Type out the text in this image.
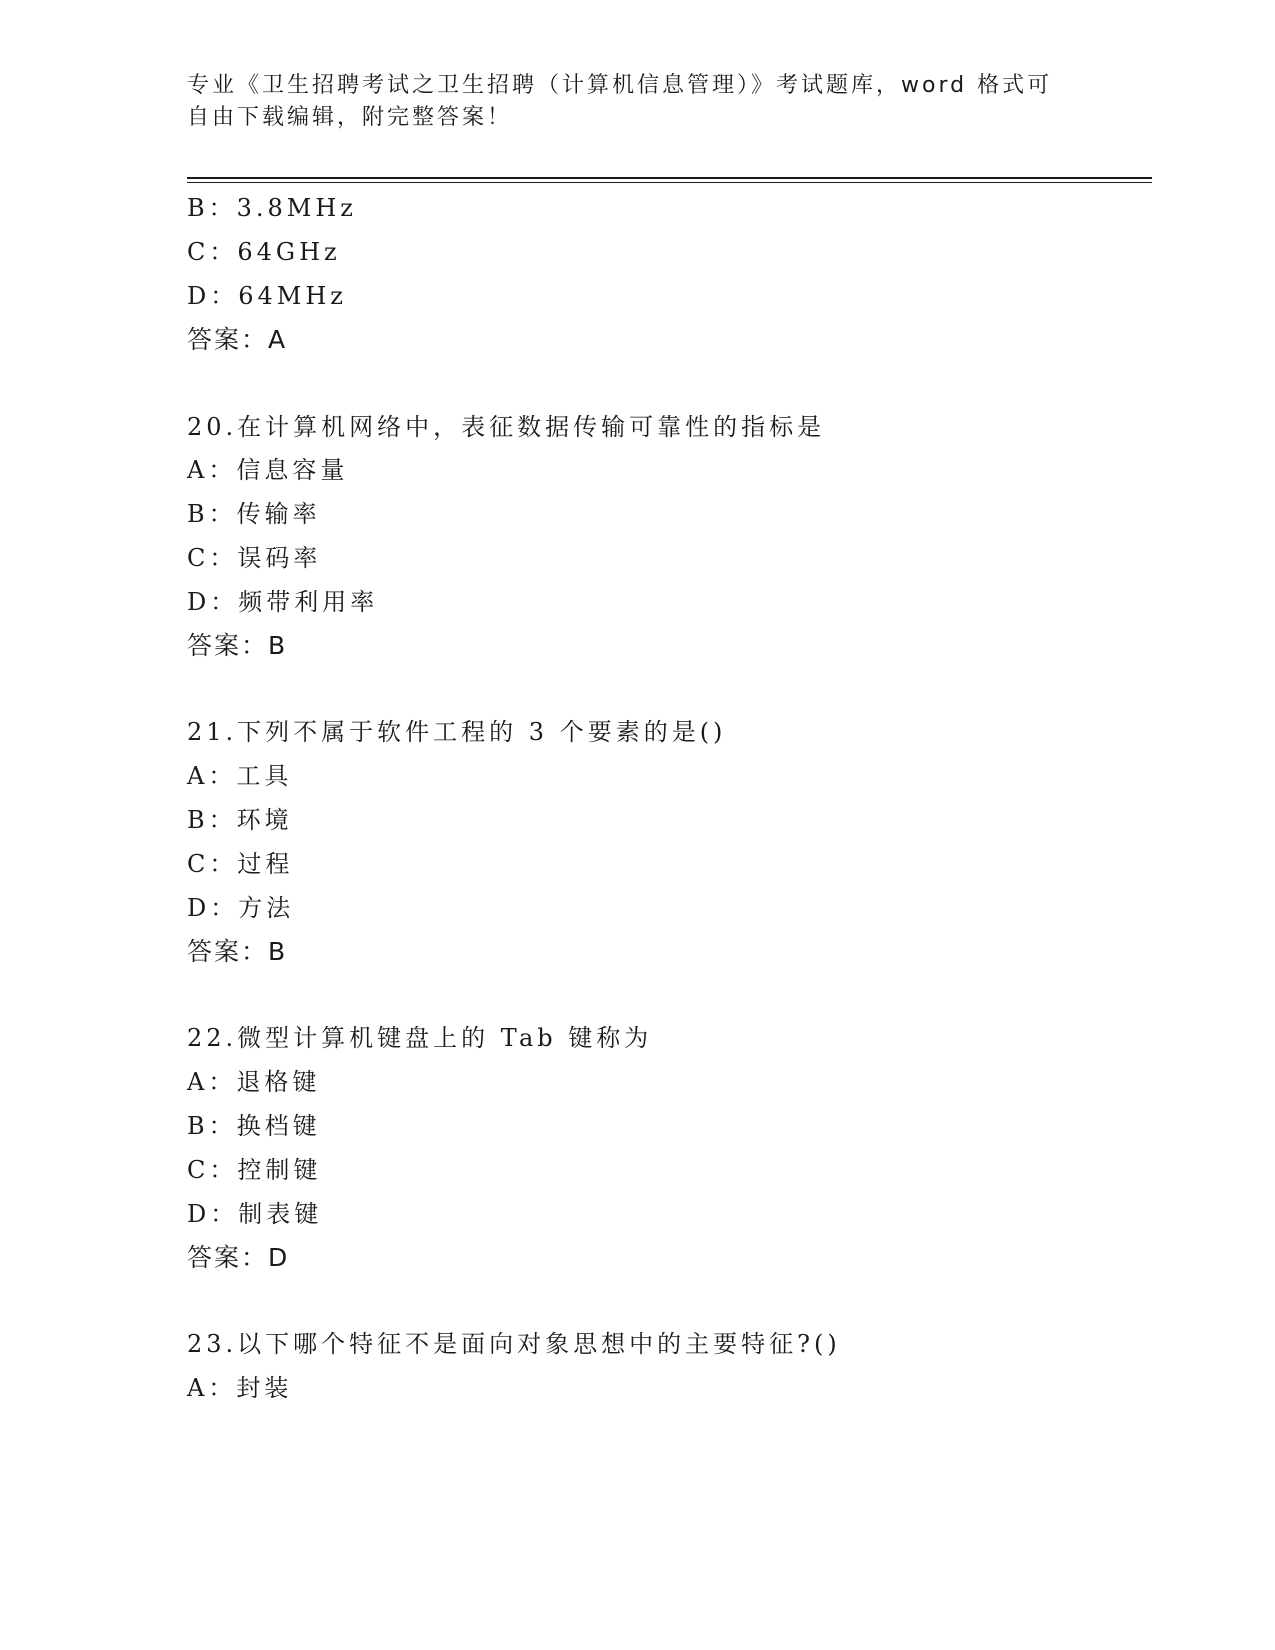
专业《卫生招聘考试之卫生招聘（计算机信息管理）》考试题库，word 格式可自由下载编辑，附完整答案！
B：3.8MHz
C：64GHz
D：64MHz
答案：A
20.在计算机网络中，表征数据传输可靠性的指标是
A：信息容量
B：传输率
C：误码率
D：频带利用率
答案：B
21.下列不属于软件工程的 3 个要素的是()
A：工具
B：环境
C：过程
D：方法
答案：B
22.微型计算机键盘上的 Tab 键称为
A：退格键
B：换档键
C：控制键
D：制表键
答案：D
23.以下哪个特征不是面向对象思想中的主要特征?()
A：封装
